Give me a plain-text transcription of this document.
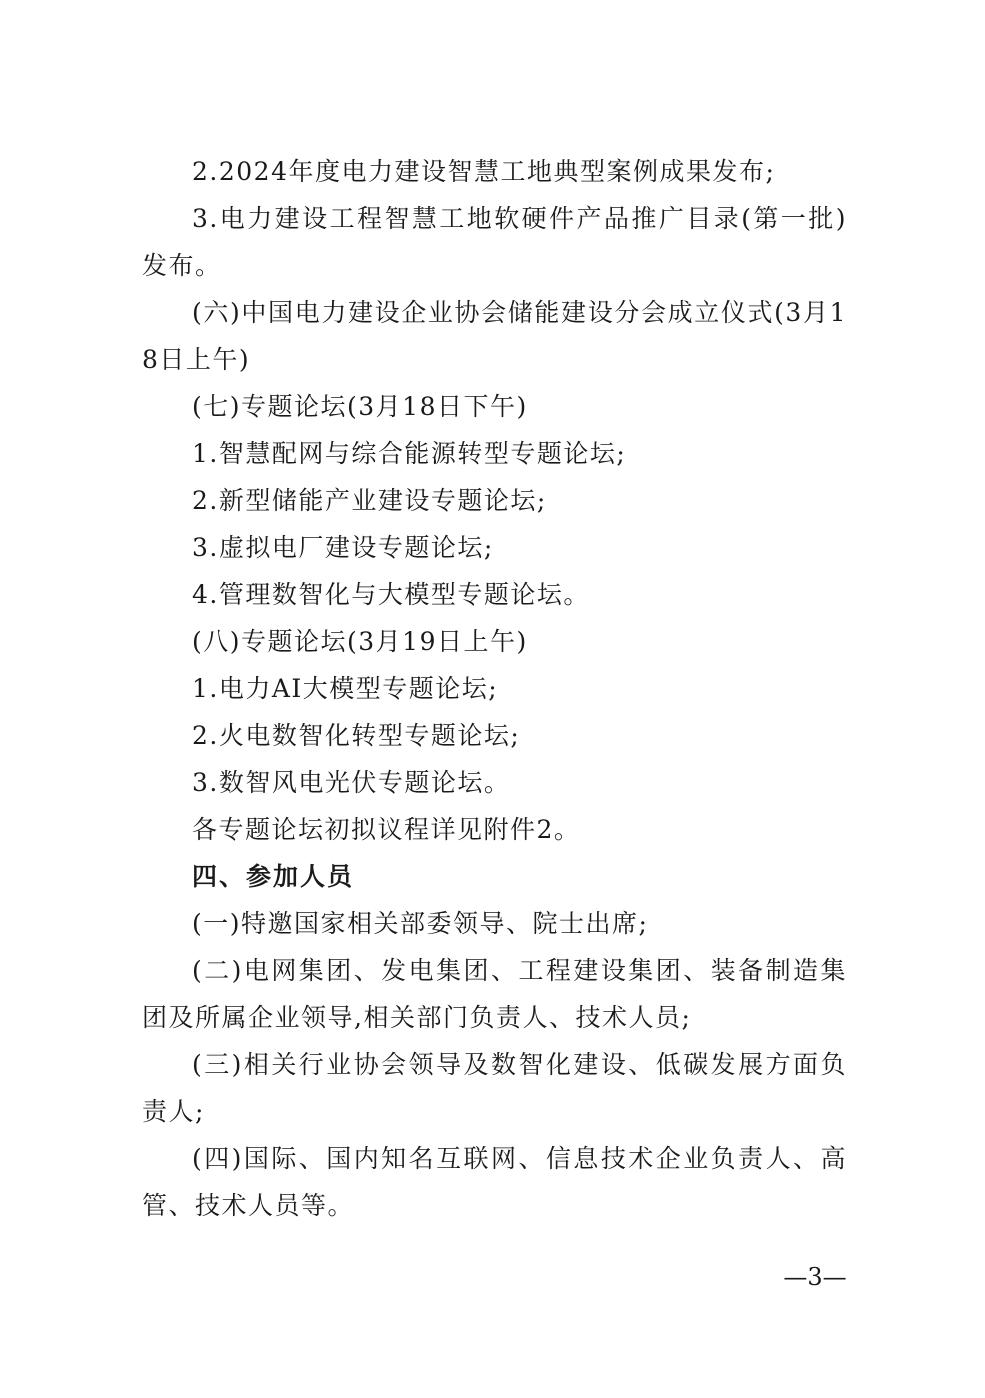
2.2024年度电力建设智慧工地典型案例成果发布;

3.电力建设工程智慧工地软硬件产品推广目录(第一批)发布。

(六)中国电力建设企业协会储能建设分会成立仪式(3月18日上午)

(七)专题论坛(3月18日下午)

1.智慧配网与综合能源转型专题论坛;

2.新型储能产业建设专题论坛;

3.虚拟电厂建设专题论坛;

4.管理数智化与大模型专题论坛。

(八)专题论坛(3月19日上午)

1.电力AI大模型专题论坛;

2.火电数智化转型专题论坛;

3.数智风电光伏专题论坛。

各专题论坛初拟议程详见附件2。

四、参加人员

(一)特邀国家相关部委领导、院士出席;

(二)电网集团、发电集团、工程建设集团、装备制造集团及所属企业领导,相关部门负责人、技术人员;

(三)相关行业协会领导及数智化建设、低碳发展方面负责人;

(四)国际、国内知名互联网、信息技术企业负责人、高管、技术人员等。

—3—
